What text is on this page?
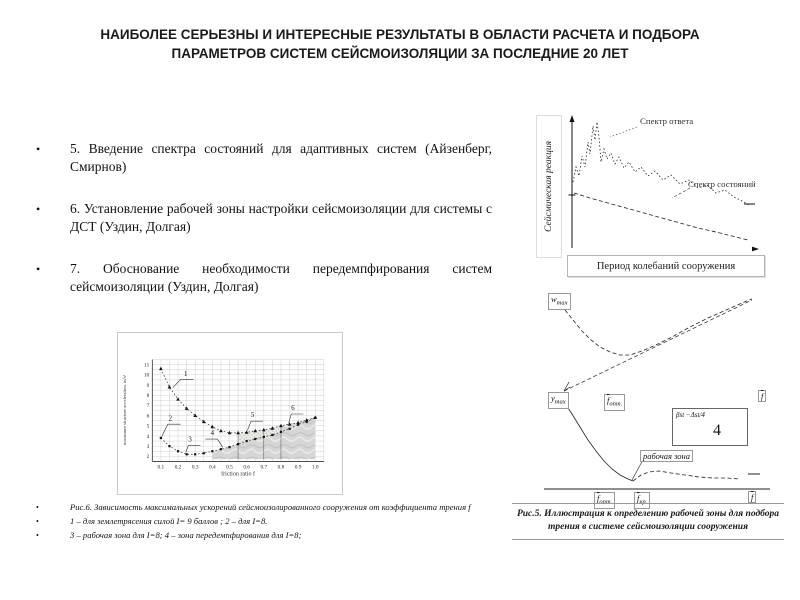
НАИБОЛЕЕ СЕРЬЕЗНЫ И ИНТЕРЕСНЫЕ РЕЗУЛЬТАТЫ В ОБЛАСТИ РАСЧЕТА И ПОДБОРА ПАРАМЕТРОВ СИСТЕМ СЕЙСМОИЗОЛЯЦИИ ЗА ПОСЛЕДНИЕ 20 ЛЕТ
•	5. Введение спектра состояний для адаптивных систем (Айзенберг, Смирнов)
•	6. Установление рабочей зоны настройки сейсмоизоляции для системы с ДСТ (Уздин, Долгая)
•	7. Обоснование необходимости передемпфирования систем сейсмоизоляции (Уздин, Долгая)
0.1 0.2 0.3 0.4 0.5 0.6 0.7 0.8 0.9 1.0
2
3
4
5
6
7
8
9
10
11
1
2
3
4
5
6
maximum structure acceleration, m/s²
friction ratio f
•	Рис.6. Зависимость максимальных ускорений сейсмоизолированного сооружения от коэффициента трения f
•	1 – для землетрясения силой I= 9 баллов ; 2 – для I=8.
•	3 – рабочая зона для I=8; 4 – зона передемпфирования для I=8;
Сейсмическая реакция
Спектр ответа
Спектр состояний
Период колебаний сооружения
$w_{max}$
$y_{max}$	$\overline{f}_{опт.}$
$\overline{f}$
βst −Δst/4
4
рабочая зона
$\overline{f}_{опт.}$	$\overline{f}_{кр.}$
$\overline{f}$
Рис.5. Иллюстрация к определению рабочей зоны для подбора трения в системе сейсмоизоляции сооружения
